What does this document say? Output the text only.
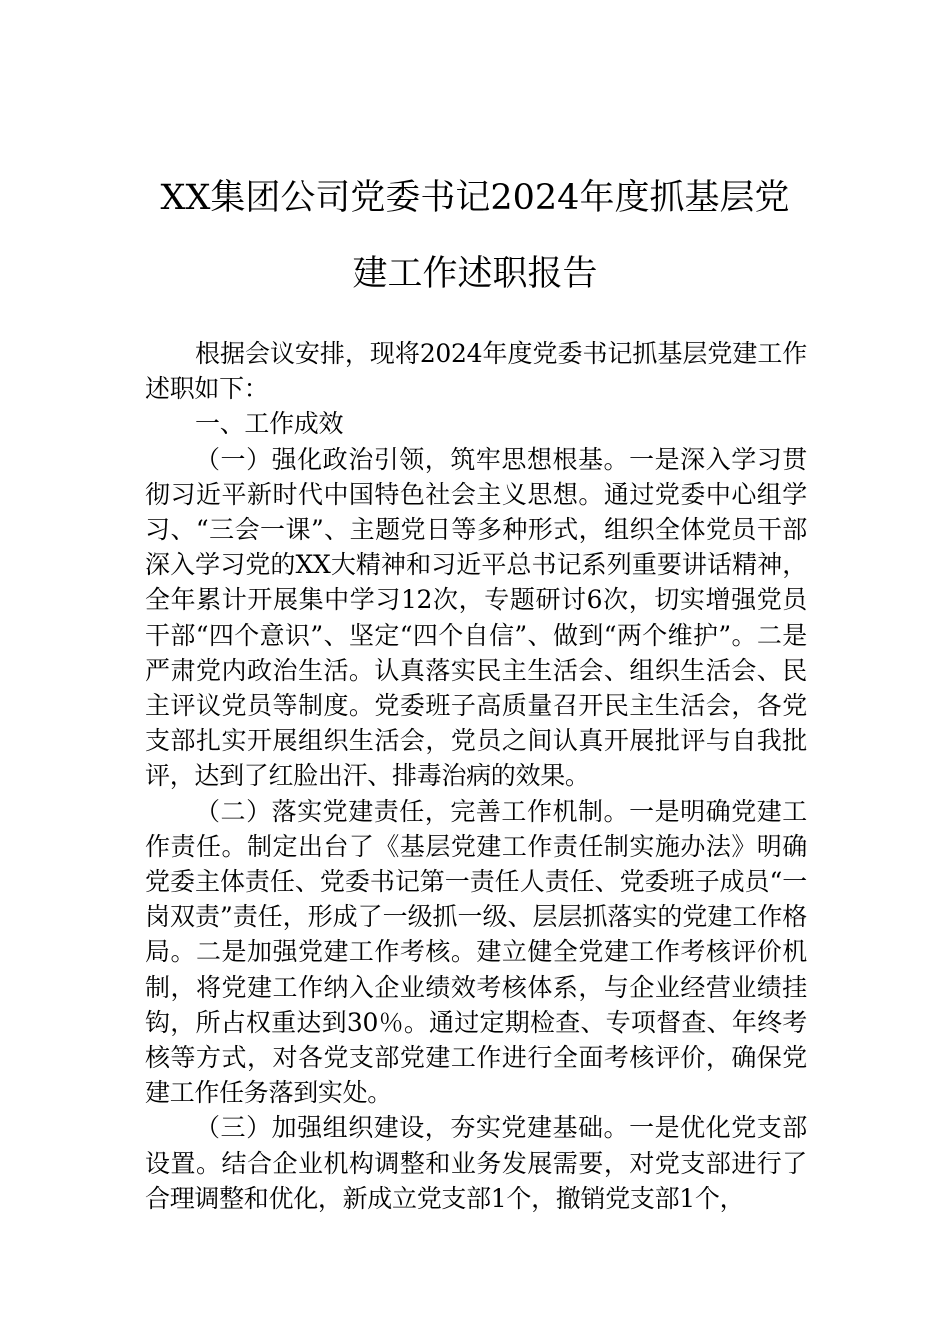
XX集团公司党委书记2024年度抓基层党
建工作述职报告

根据会议安排，现将2024年度党委书记抓基层党建工作述职如下：

一、工作成效

（一）强化政治引领，筑牢思想根基。一是深入学习贯彻习近平新时代中国特色社会主义思想。通过党委中心组学习、“三会一课”、主题党日等多种形式，组织全体党员干部深入学习党的XX大精神和习近平总书记系列重要讲话精神，全年累计开展集中学习12次，专题研讨6次，切实增强党员干部“四个意识”、坚定“四个自信”、做到“两个维护”。二是严肃党内政治生活。认真落实民主生活会、组织生活会、民主评议党员等制度。党委班子高质量召开民主生活会，各党支部扎实开展组织生活会，党员之间认真开展批评与自我批评，达到了红脸出汗、排毒治病的效果。

（二）落实党建责任，完善工作机制。一是明确党建工作责任。制定出台了《基层党建工作责任制实施办法》明确党委主体责任、党委书记第一责任人责任、党委班子成员“一岗双责”责任，形成了一级抓一级、层层抓落实的党建工作格局。二是加强党建工作考核。建立健全党建工作考核评价机制，将党建工作纳入企业绩效考核体系，与企业经营业绩挂钩，所占权重达到30％。通过定期检查、专项督查、年终考核等方式，对各党支部党建工作进行全面考核评价，确保党建工作任务落到实处。

（三）加强组织建设，夯实党建基础。一是优化党支部设置。结合企业机构调整和业务发展需要，对党支部进行了合理调整和优化，新成立党支部1个，撤销党支部1个，
